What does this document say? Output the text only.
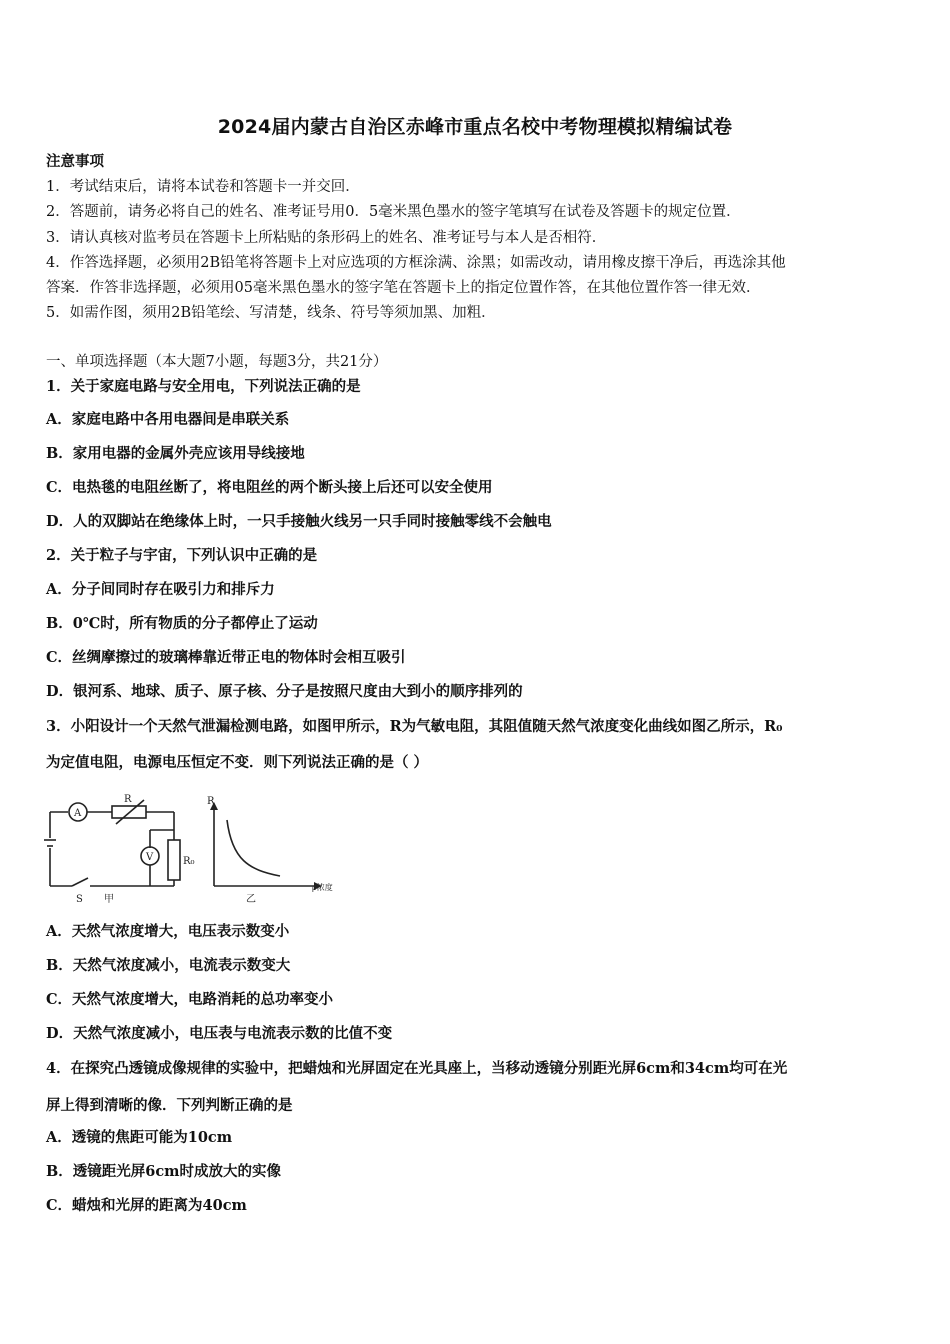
2024届内蒙古自治区赤峰市重点名校中考物理模拟精编试卷
注意事项
1．考试结束后，请将本试卷和答题卡一并交回．
2．答题前，请务必将自己的姓名、准考证号用0．5毫米黑色墨水的签字笔填写在试卷及答题卡的规定位置．
3．请认真核对监考员在答题卡上所粘贴的条形码上的姓名、准考证号与本人是否相符．
4．作答选择题，必须用2B铅笔将答题卡上对应选项的方框涂满、涂黑；如需改动，请用橡皮擦干净后，再选涂其他
答案．作答非选择题，必须用05毫米黑色墨水的签字笔在答题卡上的指定位置作答，在其他位置作答一律无效．
5．如需作图，须用2B铅笔绘、写清楚，线条、符号等须加黑、加粗．
一、单项选择题（本大题7小题，每题3分，共21分）
1．关于家庭电路与安全用电，下列说法正确的是
A．家庭电路中各用电器间是串联关系
B．家用电器的金属外壳应该用导线接地
C．电热毯的电阻丝断了，将电阻丝的两个断头接上后还可以安全使用
D．人的双脚站在绝缘体上时，一只手接触火线另一只手同时接触零线不会触电
2．关于粒子与宇宙，下列认识中正确的是
A．分子间同时存在吸引力和排斥力
B．0℃时，所有物质的分子都停止了运动
C．丝绸摩擦过的玻璃棒靠近带正电的物体时会相互吸引
D．银河系、地球、质子、原子核、分子是按照尺度由大到小的顺序排列的
3．小阳设计一个天然气泄漏检测电路，如图甲所示，R为气敏电阻，其阻值随天然气浓度变化曲线如图乙所示，R₀
为定值电阻，电源电压恒定不变．则下列说法正确的是（ ）
A
V
R
R₀
S 甲
R
ρ浓度
乙
A．天然气浓度增大，电压表示数变小
B．天然气浓度减小，电流表示数变大
C．天然气浓度增大，电路消耗的总功率变小
D．天然气浓度减小，电压表与电流表示数的比值不变
4．在探究凸透镜成像规律的实验中，把蜡烛和光屏固定在光具座上，当移动透镜分别距光屏6cm和34cm均可在光
屏上得到清晰的像．下列判断正确的是
A．透镜的焦距可能为10cm
B．透镜距光屏6cm时成放大的实像
C．蜡烛和光屏的距离为40cm
